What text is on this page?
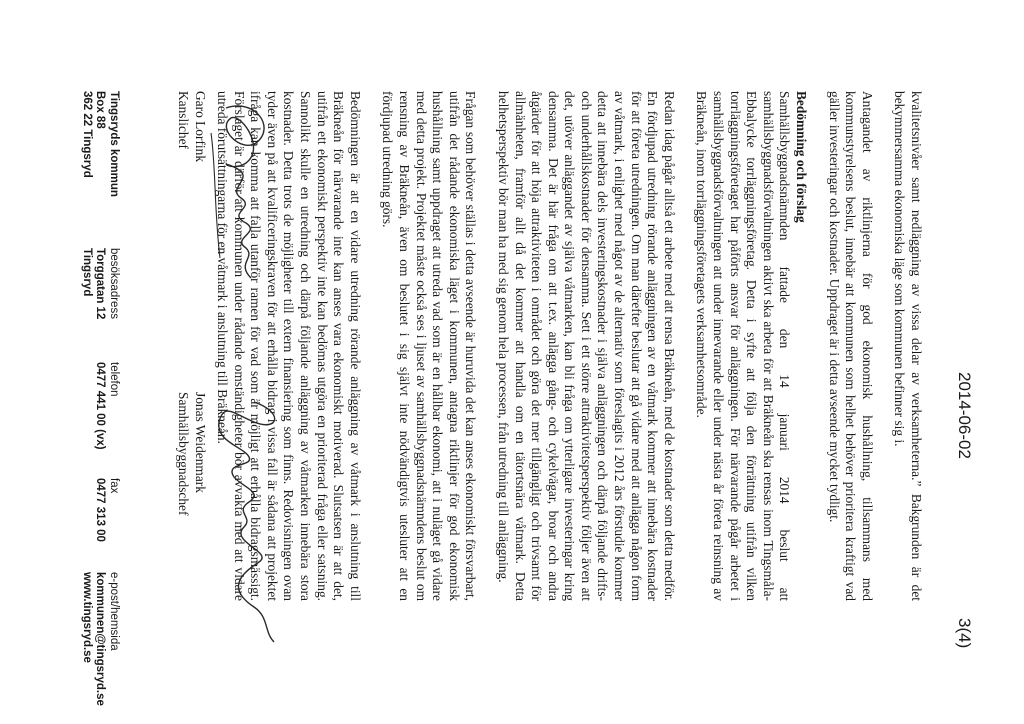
2014-06-02
3(4)

kvalitetsnivåer samt nedläggning av vissa delar av verksamheterna.” Bakgrunden är det bekymmersamma ekonomiska läge som kommunen befinner sig i.

Antagandet av riktlinjerna för god ekonomisk hushållning, tillsammans med kommunstyrelsens beslut, innebär att kommunen som helhet behöver prioritera kraftigt vad gäller investeringar och kostnader. Uppdraget är i detta avseende mycket tydligt.

Bedömning och förslag

Samhällsbyggnadsnämnden fattade den 14 januari 2014 beslut att samhällsbyggnadsförvaltningen aktivt ska arbeta för att Bräkneån ska rensas inom Tingsmåla-Ebbalycke torrläggningsföretag. Detta i syfte att följa den förrättning utifrån vilken torrläggningsföretaget har påförts ansvar för anläggningen. För närvarande pågår arbetet i samhällsbyggnadsförvaltningen att under innevarande eller under nästa år förеta reinsning av Bräkneån, inom torrläggningsföretagets verksamhetsområde.

Redan idag pågår alltså ett arbete med att rensa Bräkneån, med de kostnader som detta medför. En fördjupad utredning rörande anläggningen av en våtmark kommer att innebära kostnader för att företa utredningen. Om man därefter beslutar att gå vidare med att anlägga någon form av våtmark, i enlighet med något av de alternativ som föreslagits i 2012 års förstudie kommer detta att innebära dels investeringskostnader i själva anläggningen och därpå följande drifts- och underhållskostnader för densamma. Sett i ett större attraktivitetsperspektiv följer även att det, utöver anläggandet av själva våtmarken, kan bli fråga om ytterligare investeringar kring densamma. Det är här fråga om att t.ex. anlägga gång- och cykelvägar, broar och andra åtgärder för att höja attraktiviteten i området och göra det mer tillgängligt och trivsamt för allmänheten, framför allt då det kommer att handla om en tätortsnära våtmark. Detta helhetsperspektiv bör man ha med sig genom hela processen, från utredning till anläggning.

Frågan som behöver ställas i detta avseende är huruvida det kan anses ekonomiskt försvarbart, utifrån det rådande ekonomiska läget i kommunen, antagna riktlinjer för god ekonomisk hushållning samt uppdraget att utreda vad som är en hållbar ekonomi, att i nuläget gå vidare med detta projekt. Projektet måste också ses i ljuset av samhällsbyggnadsnämndens beslut om rensning av Bräkneån, även om beslutet i sig självt inte nödvändigtvis utesluter att en fördjupad utredning görs.

Bedömningen är att en vidare utredning rörande anläggning av våtmark i anslutning till Bräkneån för närvarande inte kan anses vara ekonomiskt motiverad. Slutsatsen är att det, utifrån ett ekonomiskt perspektiv inte kan bedömas utgöra en prioriterad fråga eller satsning. Sannolikt skulle en utredning och därpå följande anläggning av våtmarken innebära stora kostnader. Detta trots de möjligheter till extern finansiering som finns. Redovisningen ovan tyder även på att kvalificeringskraven för att erhålla bidrag i vissa fall är sådana att projektet ifråga kan komma att falla utanför ramen för vad som är möjligt att erhålla bidragsmässigt. Förslaget är därför att kommunen under rådande omständigheter bör avvakta med att vidare utreda förutsättningarna för en våtmark i anslutning till Bräkneån.

Garo Lorfink
Kanslichef
Jonas Weidenmark
Samhällsbyggnadschef
Tingsryds kommun
Box 88
362 22 Tingsryd
besöksadress
Torggatan 12
Tingsryd
telefon
0477 441 00 (vx)
fax
0477 313 00
e-post/hemsida
kommunen@tingsryd.se
www.tingsryd.se
